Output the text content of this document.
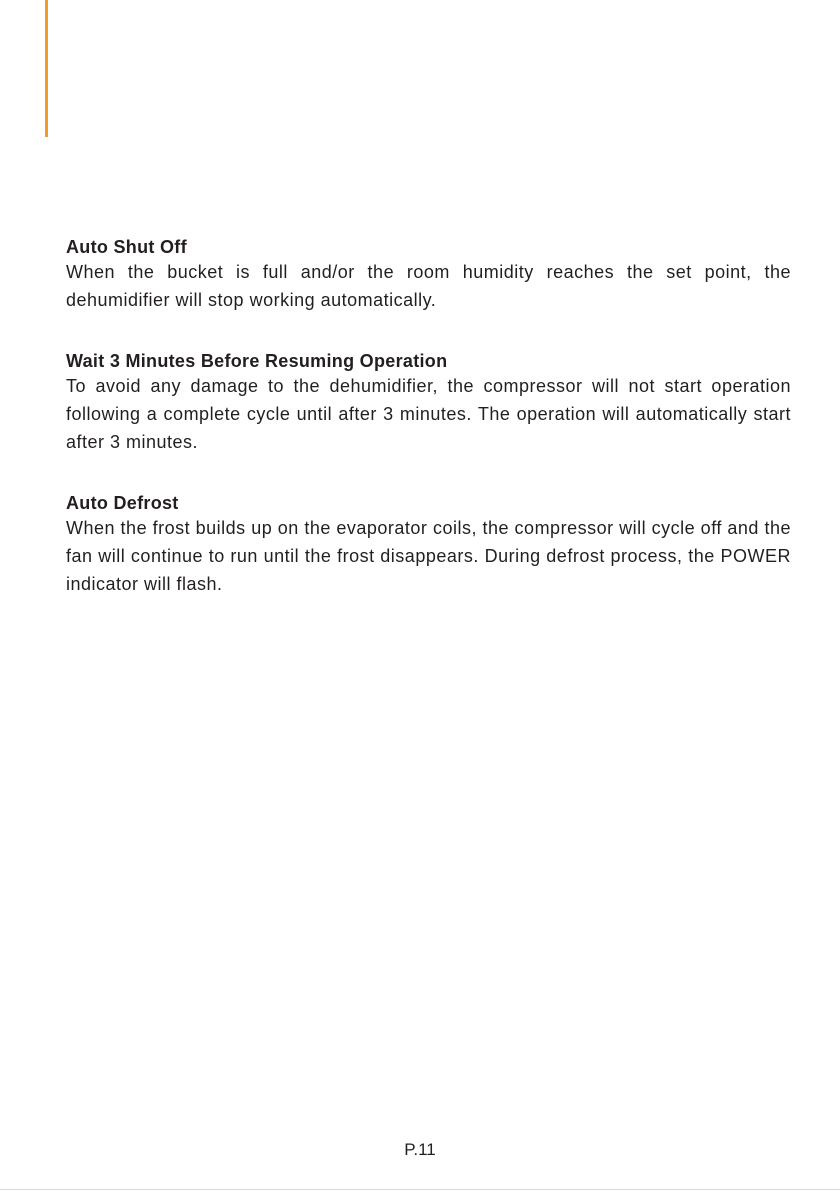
Auto Shut Off

When the bucket is full and/or the room humidity reaches the set point, the dehumidifier will stop working automatically.

Wait 3 Minutes Before Resuming Operation

To avoid any damage to the dehumidifier, the compressor will not start operation following a complete cycle until after 3 minutes. The operation will automatically start after 3 minutes.

Auto Defrost

When the frost builds up on the evaporator coils, the compressor will cycle off and the fan will continue to run until the frost disappears. During defrost process, the POWER indicator will flash.

P.11
